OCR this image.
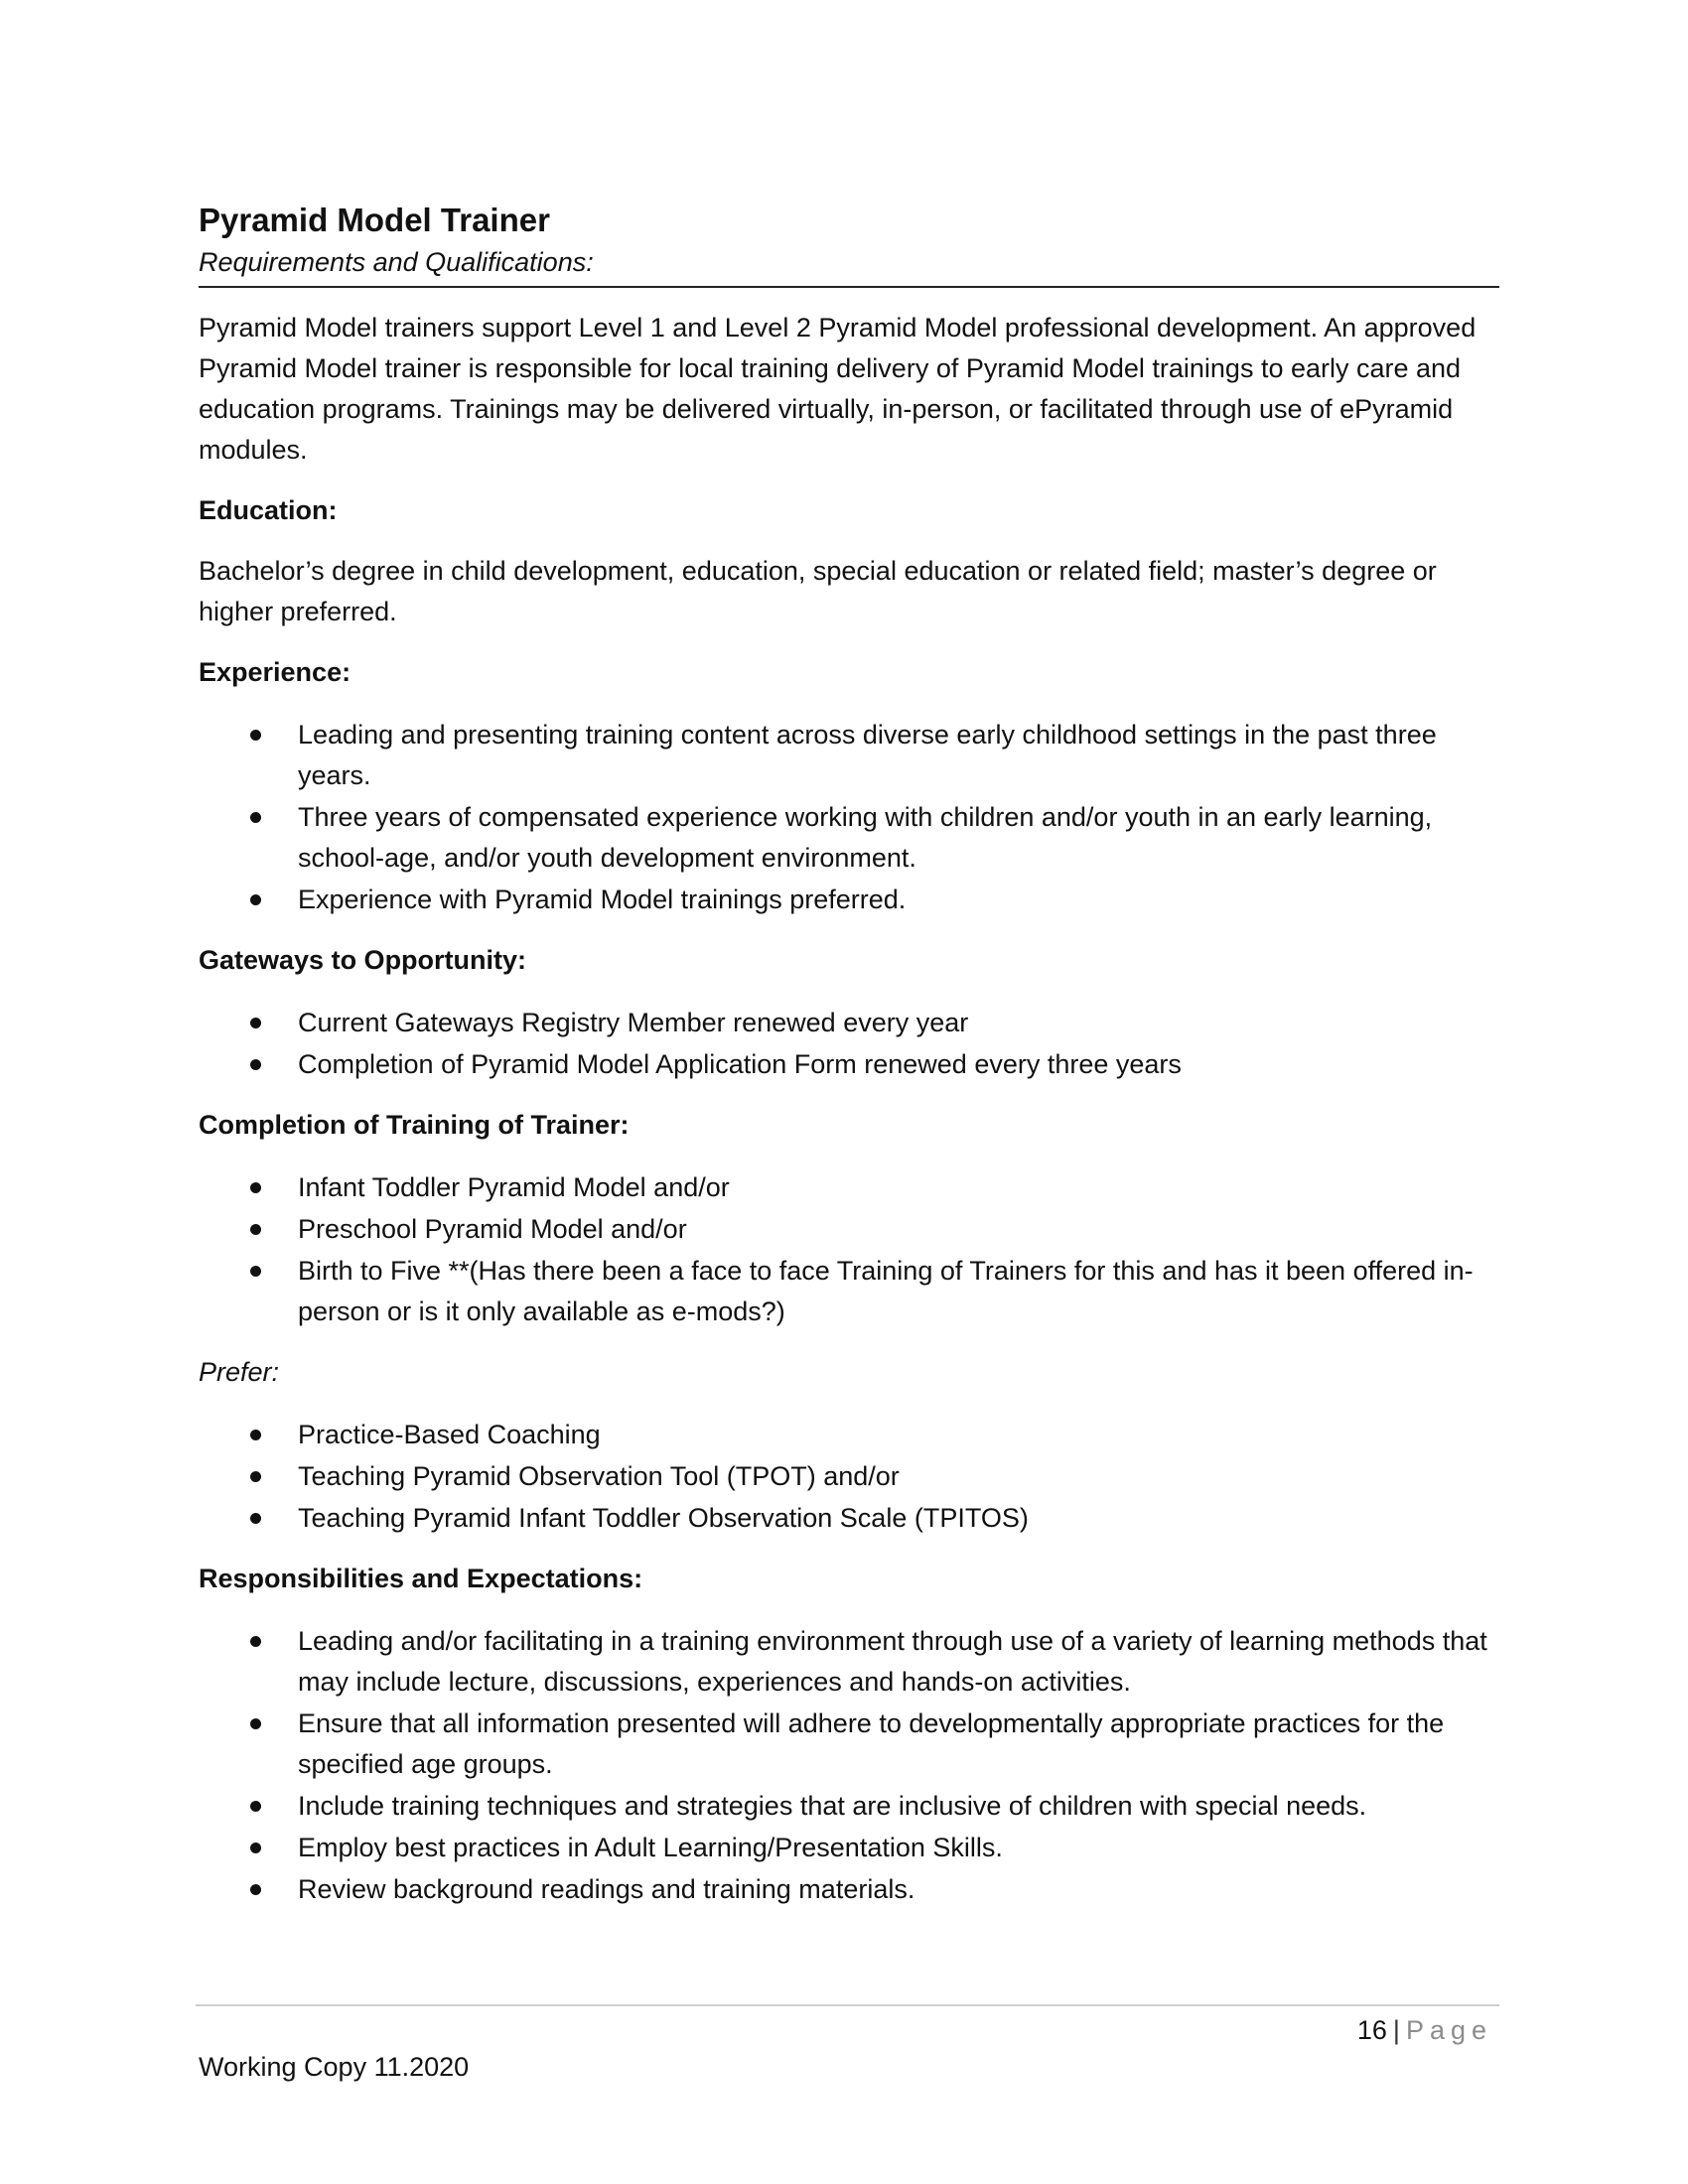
Pyramid Model Trainer

Requirements and Qualifications:

Pyramid Model trainers support Level 1 and Level 2 Pyramid Model professional development. An approved Pyramid Model trainer is responsible for local training delivery of Pyramid Model trainings to early care and education programs. Trainings may be delivered virtually, in-person, or facilitated through use of ePyramid modules.

Education:

Bachelor’s degree in child development, education, special education or related field; master’s degree or higher preferred.

Experience:

Leading and presenting training content across diverse early childhood settings in the past three years.
Three years of compensated experience working with children and/or youth in an early learning, school-age, and/or youth development environment.
Experience with Pyramid Model trainings preferred.

Gateways to Opportunity:

Current Gateways Registry Member renewed every year
Completion of Pyramid Model Application Form renewed every three years

Completion of Training of Trainer:

Infant Toddler Pyramid Model and/or
Preschool Pyramid Model and/or
Birth to Five **(Has there been a face to face Training of Trainers for this and has it been offered in-person or is it only available as e-mods?)

Prefer:

Practice-Based Coaching
Teaching Pyramid Observation Tool (TPOT) and/or
Teaching Pyramid Infant Toddler Observation Scale (TPITOS)

Responsibilities and Expectations:

Leading and/or facilitating in a training environment through use of a variety of learning methods that may include lecture, discussions, experiences and hands-on activities.
Ensure that all information presented will adhere to developmentally appropriate practices for the specified age groups.
Include training techniques and strategies that are inclusive of children with special needs.
Employ best practices in Adult Learning/Presentation Skills.
Review background readings and training materials.
16 | Page
Working Copy 11.2020
